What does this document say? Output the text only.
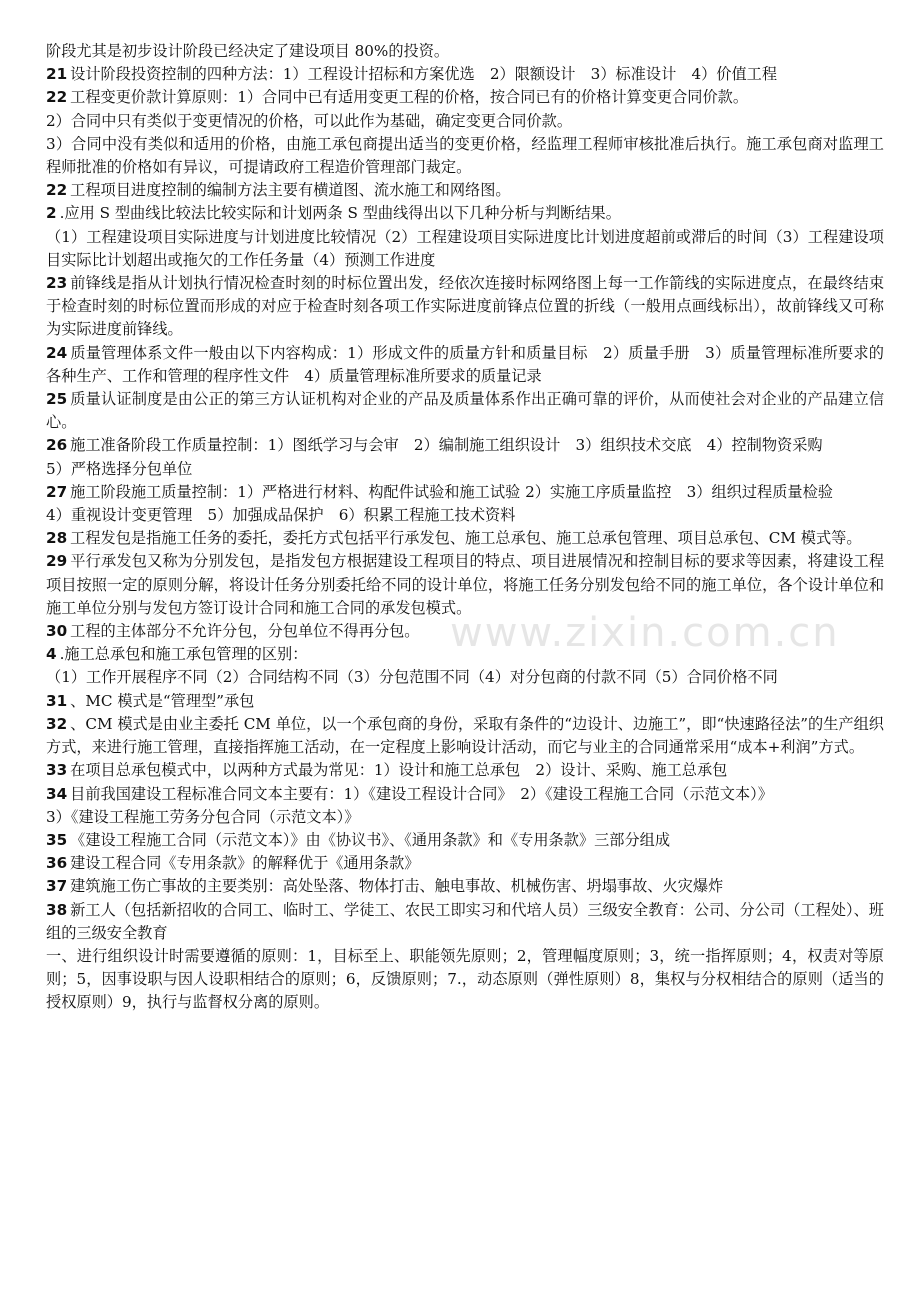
www.zixin.com.cn

阶段尤其是初步设计阶段已经决定了建设项目 80%的投资。

21 设计阶段投资控制的四种方法：1）工程设计招标和方案优选　2）限额设计　3）标准设计　4）价值工程

22 工程变更价款计算原则：1）合同中已有适用变更工程的价格，按合同已有的价格计算变更合同价款。

2）合同中只有类似于变更情况的价格，可以此作为基础，确定变更合同价款。

3）合同中没有类似和适用的价格，由施工承包商提出适当的变更价格，经监理工程师审核批准后执行。施工承包商对监理工程师批准的价格如有异议，可提请政府工程造价管理部门裁定。

22 工程项目进度控制的编制方法主要有横道图、流水施工和网络图。

2 .应用 S 型曲线比较法比较实际和计划两条 S 型曲线得出以下几种分析与判断结果。

（1）工程建设项目实际进度与计划进度比较情况（2）工程建设项目实际进度比计划进度超前或滞后的时间（3）工程建设项目实际比计划超出或拖欠的工作任务量（4）预测工作进度

23 前锋线是指从计划执行情况检查时刻的时标位置出发，经依次连接时标网络图上每一工作箭线的实际进度点，在最终结束于检查时刻的时标位置而形成的对应于检查时刻各项工作实际进度前锋点位置的折线（一般用点画线标出），故前锋线又可称为实际进度前锋线。

24 质量管理体系文件一般由以下内容构成：1）形成文件的质量方针和质量目标　2）质量手册　3）质量管理标准所要求的各种生产、工作和管理的程序性文件　4）质量管理标准所要求的质量记录

25 质量认证制度是由公正的第三方认证机构对企业的产品及质量体系作出正确可靠的评价，从而使社会对企业的产品建立信心。

26 施工准备阶段工作质量控制：1）图纸学习与会审　2）编制施工组织设计　3）组织技术交底　4）控制物资采购

5）严格选择分包单位

27 施工阶段施工质量控制：1）严格进行材料、构配件试验和施工试验 2）实施工序质量监控　3）组织过程质量检验

4）重视设计变更管理　5）加强成品保护　6）积累工程施工技术资料

28 工程发包是指施工任务的委托，委托方式包括平行承发包、施工总承包、施工总承包管理、项目总承包、CM 模式等。

29 平行承发包又称为分别发包，是指发包方根据建设工程项目的特点、项目进展情况和控制目标的要求等因素，将建设工程项目按照一定的原则分解，将设计任务分别委托给不同的设计单位，将施工任务分别发包给不同的施工单位，各个设计单位和施工单位分别与发包方签订设计合同和施工合同的承发包模式。

30 工程的主体部分不允许分包，分包单位不得再分包。

4 .施工总承包和施工承包管理的区别：

（1）工作开展程序不同（2）合同结构不同（3）分包范围不同（4）对分包商的付款不同（5）合同价格不同

31 、MC 模式是“管理型”承包

32 、CM 模式是由业主委托 CM 单位，以一个承包商的身份，采取有条件的“边设计、边施工”，即“快速路径法”的生产组织方式，来进行施工管理，直接指挥施工活动，在一定程度上影响设计活动，而它与业主的合同通常采用“成本+利润”方式。

33 在项目总承包模式中，以两种方式最为常见：1）设计和施工总承包　2）设计、采购、施工总承包

34 目前我国建设工程标准合同文本主要有：1）《建设工程设计合同》　2）《建设工程施工合同（示范文本）》

3）《建设工程施工劳务分包合同（示范文本）》

35 《建设工程施工合同（示范文本）》由《协议书》、《通用条款》和《专用条款》三部分组成

36 建设工程合同《专用条款》的解释优于《通用条款》

37 建筑施工伤亡事故的主要类别：高处坠落、物体打击、触电事故、机械伤害、坍塌事故、火灾爆炸

38 新工人（包括新招收的合同工、临时工、学徒工、农民工即实习和代培人员）三级安全教育：公司、分公司（工程处）、班组的三级安全教育

一、进行组织设计时需要遵循的原则：1，目标至上、职能领先原则；2，管理幅度原则；3，统一指挥原则；4，权责对等原则；5，因事设职与因人设职相结合的原则；6，反馈原则；7.，动态原则（弹性原则）8，集权与分权相结合的原则（适当的授权原则）9，执行与监督权分离的原则。
